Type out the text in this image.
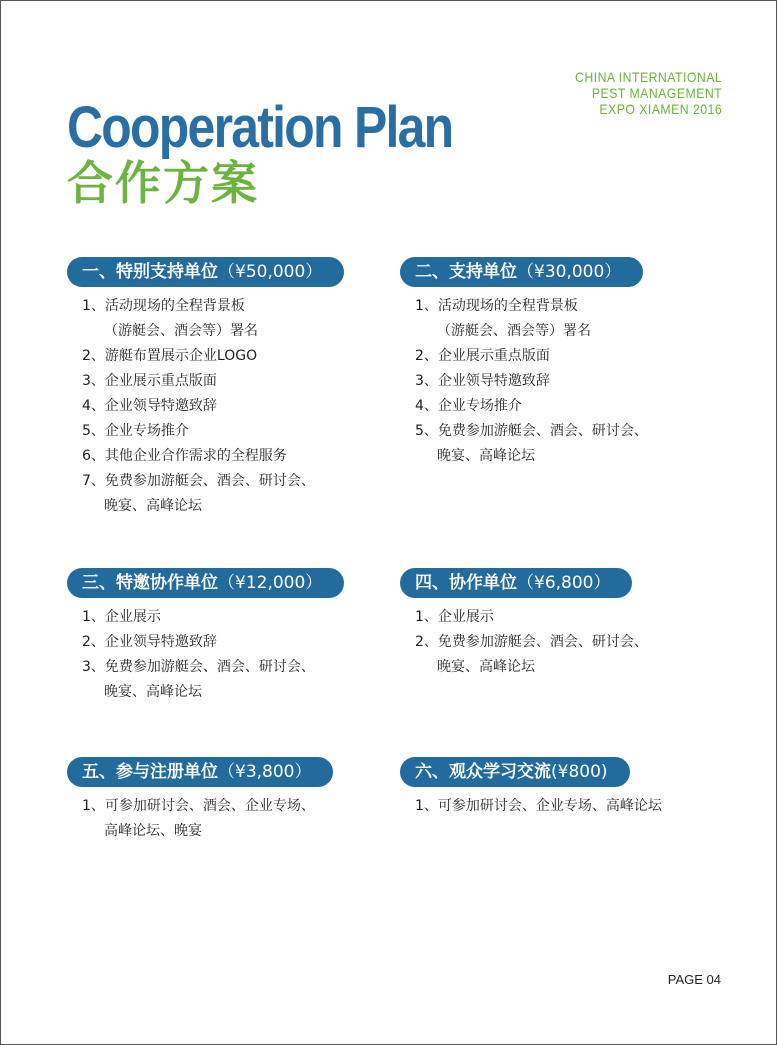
CHINA INTERNATIONAL
PEST MANAGEMENT
EXPO XIAMEN 2016
Cooperation Plan
合作方案
一、特别支持单位（¥50,000）
1、活动现场的全程背景板
（游艇会、酒会等）署名
2、游艇布置展示企业LOGO
3、企业展示重点版面
4、企业领导特邀致辞
5、企业专场推介
6、其他企业合作需求的全程服务
7、免费参加游艇会、酒会、研讨会、
晚宴、高峰论坛
二、支持单位（¥30,000）
1、活动现场的全程背景板
（游艇会、酒会等）署名
2、企业展示重点版面
3、企业领导特邀致辞
4、企业专场推介
5、免费参加游艇会、酒会、研讨会、
晚宴、高峰论坛
三、特邀协作单位（¥12,000）
1、企业展示
2、企业领导特邀致辞
3、免费参加游艇会、酒会、研讨会、
晚宴、高峰论坛
四、协作单位（¥6,800）
1、企业展示
2、免费参加游艇会、酒会、研讨会、
晚宴、高峰论坛
五、参与注册单位（¥3,800）
1、可参加研讨会、酒会、企业专场、
高峰论坛、晚宴
六、观众学习交流(¥800)
1、可参加研讨会、企业专场、高峰论坛
PAGE 04
